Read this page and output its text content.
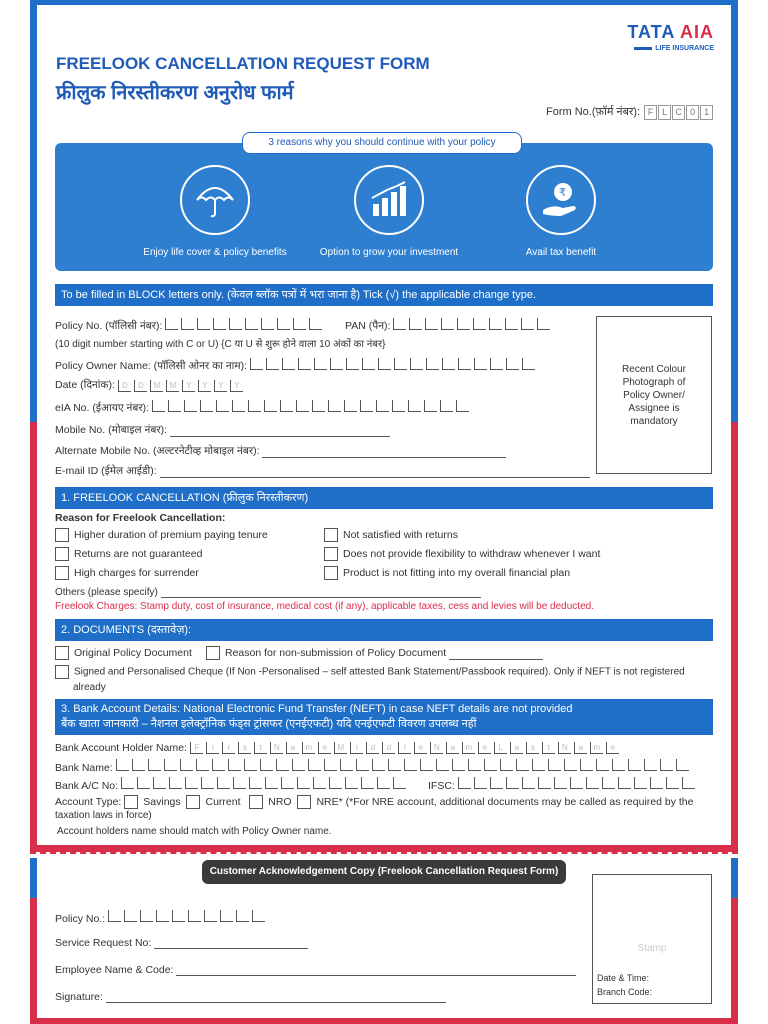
TATA AIA
LIFE INSURANCE
FREELOOK CANCELLATION REQUEST FORM
फ्रीलुक निरस्तीकरण अनुरोध फार्म
Form No.(फ़ॉर्म नंबर): F L C 0 1
Enjoy life cover & policy benefits	Option to grow your investment
₹
Avail tax benefit
3 reasons why you should continue with your policy
To be filled in BLOCK letters only. (केवल ब्लॉक पत्रों में भरा जाना है) Tick (√) the applicable change type.
Policy No. (पॉलिसी नंबर):	PAN (पैन):
(10 digit number starting with C or U) {C या U से शुरू होने वाला 10 अंकों का नंबर}
Policy Owner Name: (पॉलिसी ओनर का नाम):
Date (दिनांक): D D M M Y Y Y Y
eIA No. (ईआयए नंबर):
Mobile No. (मोबाइल नंबर):
Alternate Mobile No. (अल्टरनेटीव्ह मोबाइल नंबर):
E-mail ID (ईमेल आईडी):
Recent Colour Photograph of Policy Owner/ Assignee is mandatory
1. FREELOOK CANCELLATION (फ्रीलुक निरस्तीकरण)
Reason for Freelook Cancellation:
Higher duration of premium paying tenure
Returns are not guaranteed
High charges for surrender
Not satisfied with returns
Does not provide flexibility to withdraw whenever I want
Product is not fitting into my overall financial plan
Others (please specify)
Freelook Charges: Stamp duty, cost of insurance, medical cost (if any), applicable taxes, cess and levies will be deducted.
2. DOCUMENTS (दस्तावेज़):
Original Policy Document	Reason for non-submission of Policy Document
Signed and Personalised Cheque (If Non -Personalised – self attested Bank Statement/Passbook required). Only if NEFT is not registered
already
3. Bank Account Details: National Electronic Fund Transfer (NEFT) in case NEFT details are not provided
बैंक खाता जानकारी – नैशनल इलेक्ट्रॉनिक फंड्स ट्रांसफर (एनईएफटी) यदि एनईएफटी विवरण उपलब्ध नहीं
Bank Account Holder Name: F i r s t N a m e M i d d l e N a m e L a s t N a m e
Bank Name:
Bank A/C No:	IFSC:
Account Type: Savings Current	NRO NRE* (*For NRE account, additional documents may be called as required by the
taxation laws in force)
Account holders name should match with Policy Owner name.
Customer Acknowledgement Copy (Freelook Cancellation Request Form)
Policy No.:
Service Request No:
Employee Name & Code:
Signature:
Stamp
Date & Time:
Branch Code:
